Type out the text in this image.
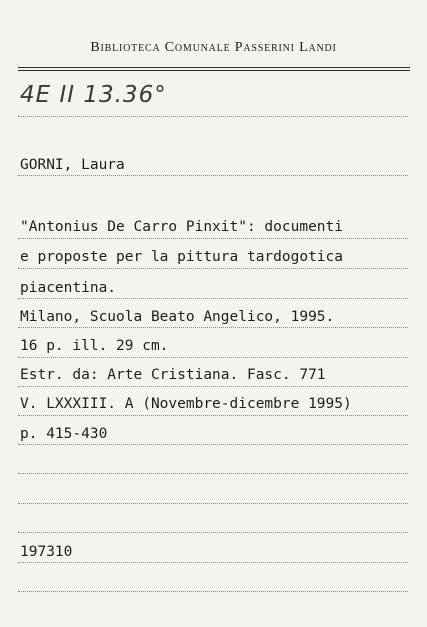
Biblioteca Comunale Passerini Landi
4E II 13.36°
GORNI, Laura
"Antonius De Carro Pinxit": documenti
e proposte per la pittura tardogotica
piacentina.
Milano, Scuola Beato Angelico, 1995.
16 p. ill. 29 cm.
Estr. da: Arte Cristiana. Fasc. 771
V. LXXXIII. A (Novembre-dicembre 1995)
p. 415-430
197310
